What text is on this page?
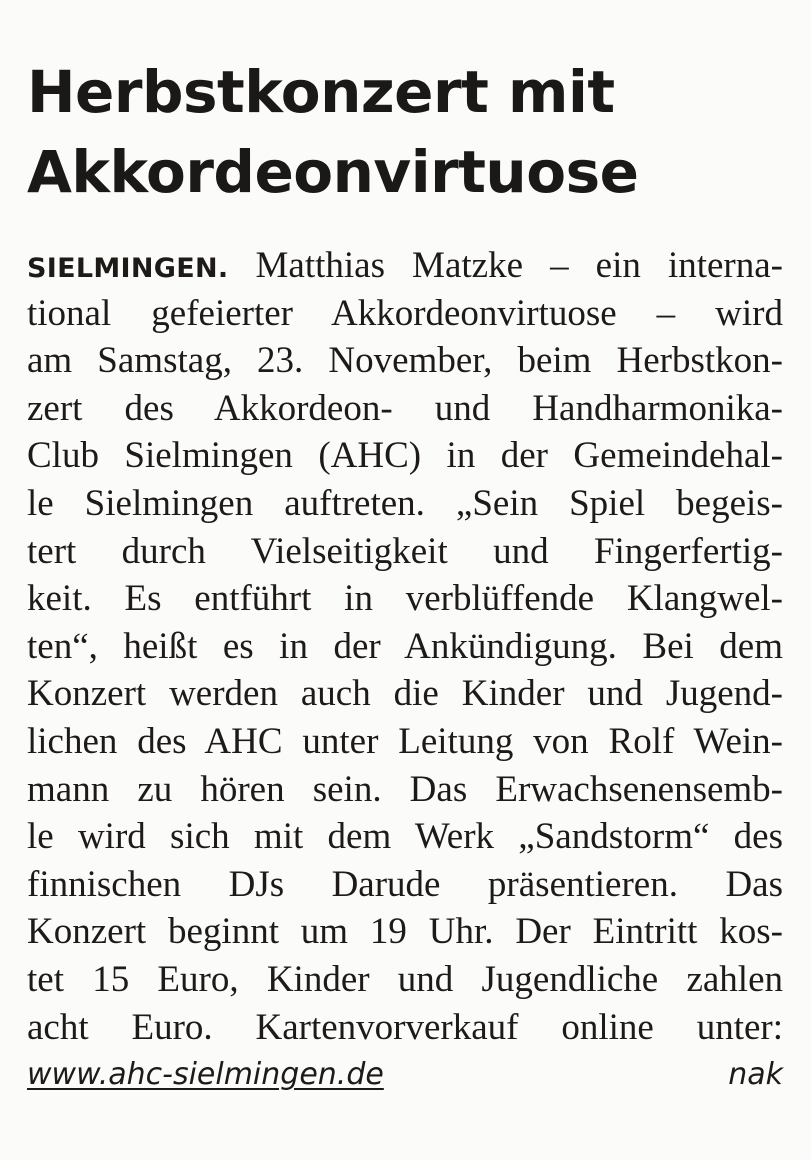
Herbstkonzert mit
Akkordeonvirtuose
SIELMINGEN. Matthias Matzke – ein interna-
tional gefeierter Akkordeonvirtuose – wird
am Samstag, 23. November, beim Herbstkon-
zert des Akkordeon- und Handharmonika-
Club Sielmingen (AHC) in der Gemeindehal-
le Sielmingen auftreten. „Sein Spiel begeis-
tert durch Vielseitigkeit und Fingerfertig-
keit. Es entführt in verblüffende Klangwel-
ten“, heißt es in der Ankündigung. Bei dem
Konzert werden auch die Kinder und Jugend-
lichen des AHC unter Leitung von Rolf Wein-
mann zu hören sein. Das Erwachsenensemb-
le wird sich mit dem Werk „Sandstorm“ des
finnischen DJs Darude präsentieren. Das
Konzert beginnt um 19 Uhr. Der Eintritt kos-
tet 15 Euro, Kinder und Jugendliche zahlen
acht Euro. Kartenvorverkauf online unter:
www.ahc-sielmingen.de	nak
